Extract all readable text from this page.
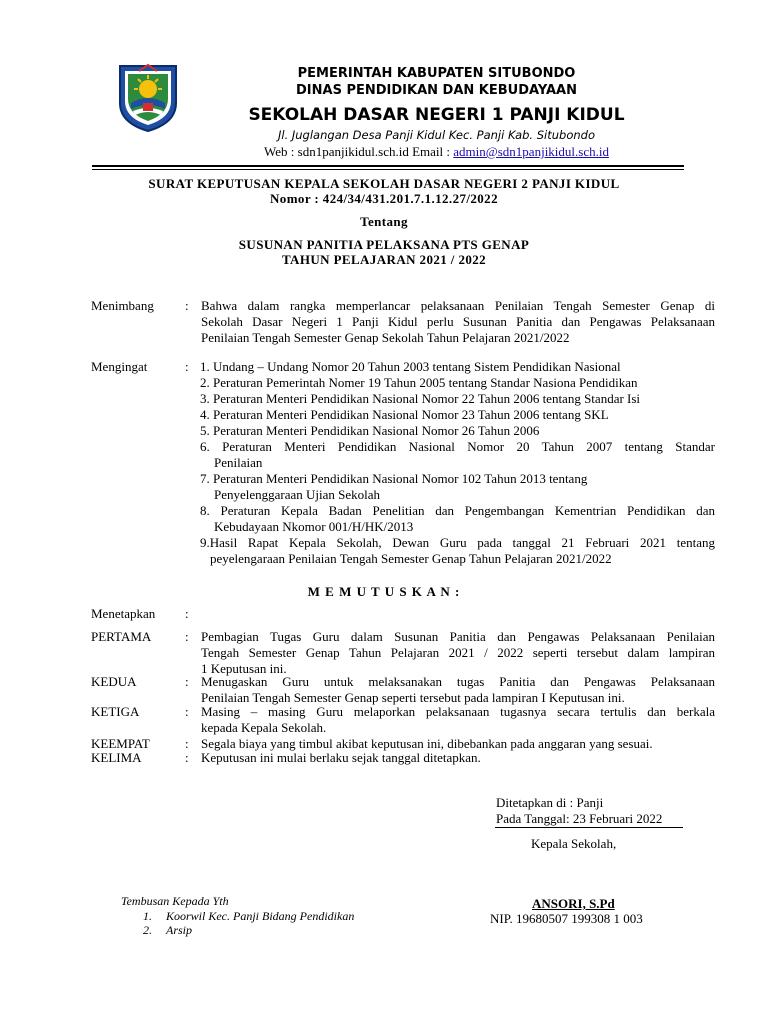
PEMERINTAH KABUPATEN SITUBONDO
DINAS PENDIDIKAN DAN KEBUDAYAAN
SEKOLAH DASAR NEGERI 1 PANJI KIDUL
Jl. Juglangan Desa Panji Kidul Kec. Panji Kab. Situbondo
Web : sdn1panjikidul.sch.id Email : admin@sdn1panjikidul.sch.id
SURAT KEPUTUSAN KEPALA SEKOLAH DASAR NEGERI 2 PANJI KIDUL
Nomor : 424/34/431.201.7.1.12.27/2022
Tentang
SUSUNAN PANITIA PELAKSANA PTS GENAP
TAHUN PELAJARAN 2021 / 2022
Menimbang : Bahwa dalam rangka memperlancar pelaksanaan Penilaian Tengah Semester Genap di
Sekolah Dasar Negeri 1 Panji Kidul perlu Susunan Panitia dan Pengawas Pelaksanaan
Penilaian Tengah Semester Genap Sekolah Tahun Pelajaran 2021/2022
Mengingat	: 1. Undang – Undang Nomor 20 Tahun 2003 tentang Sistem Pendidikan Nasional
2. Peraturan Pemerintah Nomer 19 Tahun 2005 tentang Standar Nasiona Pendidikan
3. Peraturan Menteri Pendidikan Nasional Nomor 22 Tahun 2006 tentang Standar Isi
4. Peraturan Menteri Pendidikan Nasional Nomor 23 Tahun 2006 tentang SKL
5. Peraturan Menteri Pendidikan Nasional Nomor 26 Tahun 2006
6. Peraturan Menteri Pendidikan Nasional Nomor 20 Tahun 2007 tentang Standar
Penilaian
7. Peraturan Menteri Pendidikan Nasional Nomor 102 Tahun 2013 tentang
Penyelenggaraan Ujian Sekolah
8. Peraturan Kepala Badan Penelitian dan Pengembangan Kementrian Pendidikan dan
Kebudayaan Nkomor 001/H/HK/2013
9.Hasil Rapat Kepala Sekolah, Dewan Guru pada tanggal 21 Februari 2021 tentang
peyelengaraan Penilaian Tengah Semester Genap Tahun Pelajaran 2021/2022
M E M U T U S K A N :
Menetapkan :
PERTAMA	: Pembagian Tugas Guru dalam Susunan Panitia dan Pengawas Pelaksanaan Penilaian
Tengah Semester Genap Tahun Pelajaran 2021 / 2022 seperti tersebut dalam lampiran
1 Keputusan ini.
KEDUA	: Menugaskan Guru untuk melaksanakan tugas Panitia dan Pengawas Pelaksanaan
Penilaian Tengah Semester Genap seperti tersebut pada lampiran I Keputusan ini.
KETIGA	: Masing – masing Guru melaporkan pelaksanaan tugasnya secara tertulis dan berkala
kepada Kepala Sekolah.
KEEMPAT	: Segala biaya yang timbul akibat keputusan ini, dibebankan pada anggaran yang sesuai.
KELIMA	: Keputusan ini mulai berlaku sejak tanggal ditetapkan.
Ditetapkan di : Panji
Pada Tanggal: 23 Februari 2022
Kepala Sekolah,
ANSORI, S.Pd
NIP. 19680507 199308 1 003
Tembusan Kepada Yth
1. Koorwil Kec. Panji Bidang Pendidikan
2. Arsip
